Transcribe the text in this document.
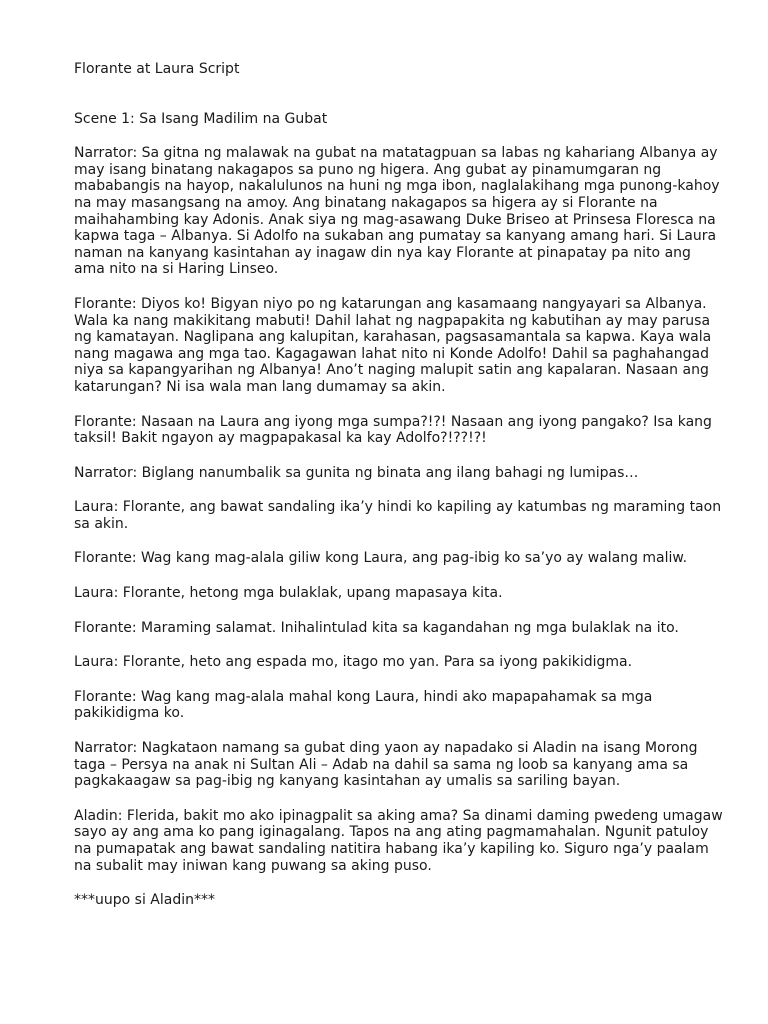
Florante at Laura Script
Scene 1: Sa Isang Madilim na Gubat

Narrator: Sa gitna ng malawak na gubat na matatagpuan sa labas ng kahariang Albanya ay may isang binatang nakagapos sa puno ng higera. Ang gubat ay pinamumgaran ng mababangis na hayop, nakalulunos na huni ng mga ibon, naglalakihang mga punong-kahoy na may masangsang na amoy. Ang binatang nakagapos sa higera ay si Florante na maihahambing kay Adonis. Anak siya ng mag-asawang Duke Briseo at Prinsesa Floresca na kapwa taga – Albanya. Si Adolfo na sukaban ang pumatay sa kanyang amang hari. Si Laura naman na kanyang kasintahan ay inagaw din nya kay Florante at pinapatay pa nito ang ama nito na si Haring Linseo.

Florante: Diyos ko! Bigyan niyo po ng katarungan ang kasamaang nangyayari sa Albanya. Wala ka nang makikitang mabuti! Dahil lahat ng nagpapakita ng kabutihan ay may parusa ng kamatayan. Naglipana ang kalupitan, karahasan, pagsasamantala sa kapwa. Kaya wala nang magawa ang mga tao. Kagagawan lahat nito ni Konde Adolfo! Dahil sa paghahangad niya sa kapangyarihan ng Albanya! Ano’t naging malupit satin ang kapalaran. Nasaan ang katarungan? Ni isa wala man lang dumamay sa akin.

Florante: Nasaan na Laura ang iyong mga sumpa?!?! Nasaan ang iyong pangako? Isa kang taksil! Bakit ngayon ay magpapakasal ka kay Adolfo?!??!?!

Narrator: Biglang nanumbalik sa gunita ng binata ang ilang bahagi ng lumipas…

Laura: Florante, ang bawat sandaling ika’y hindi ko kapiling ay katumbas ng maraming taon sa akin.

Florante: Wag kang mag-alala giliw kong Laura, ang pag-ibig ko sa’yo ay walang maliw.

Laura: Florante, hetong mga bulaklak, upang mapasaya kita.

Florante: Maraming salamat. Inihalintulad kita sa kagandahan ng mga bulaklak na ito.

Laura: Florante, heto ang espada mo, itago mo yan. Para sa iyong pakikidigma.

Florante: Wag kang mag-alala mahal kong Laura, hindi ako mapapahamak sa mga pakikidigma ko.

Narrator: Nagkataon namang sa gubat ding yaon ay napadako si Aladin na isang Morong taga – Persya na anak ni Sultan Ali – Adab na dahil sa sama ng loob sa kanyang ama sa pagkakaagaw sa pag-ibig ng kanyang kasintahan ay umalis sa sariling bayan.

Aladin: Flerida, bakit mo ako ipinagpalit sa aking ama? Sa dinami daming pwedeng umagaw sayo ay ang ama ko pang iginagalang. Tapos na ang ating pagmamahalan. Ngunit patuloy na pumapatak ang bawat sandaling natitira habang ika’y kapiling ko. Siguro nga’y paalam na subalit may iniwan kang puwang sa aking puso.

***uupo si Aladin***
